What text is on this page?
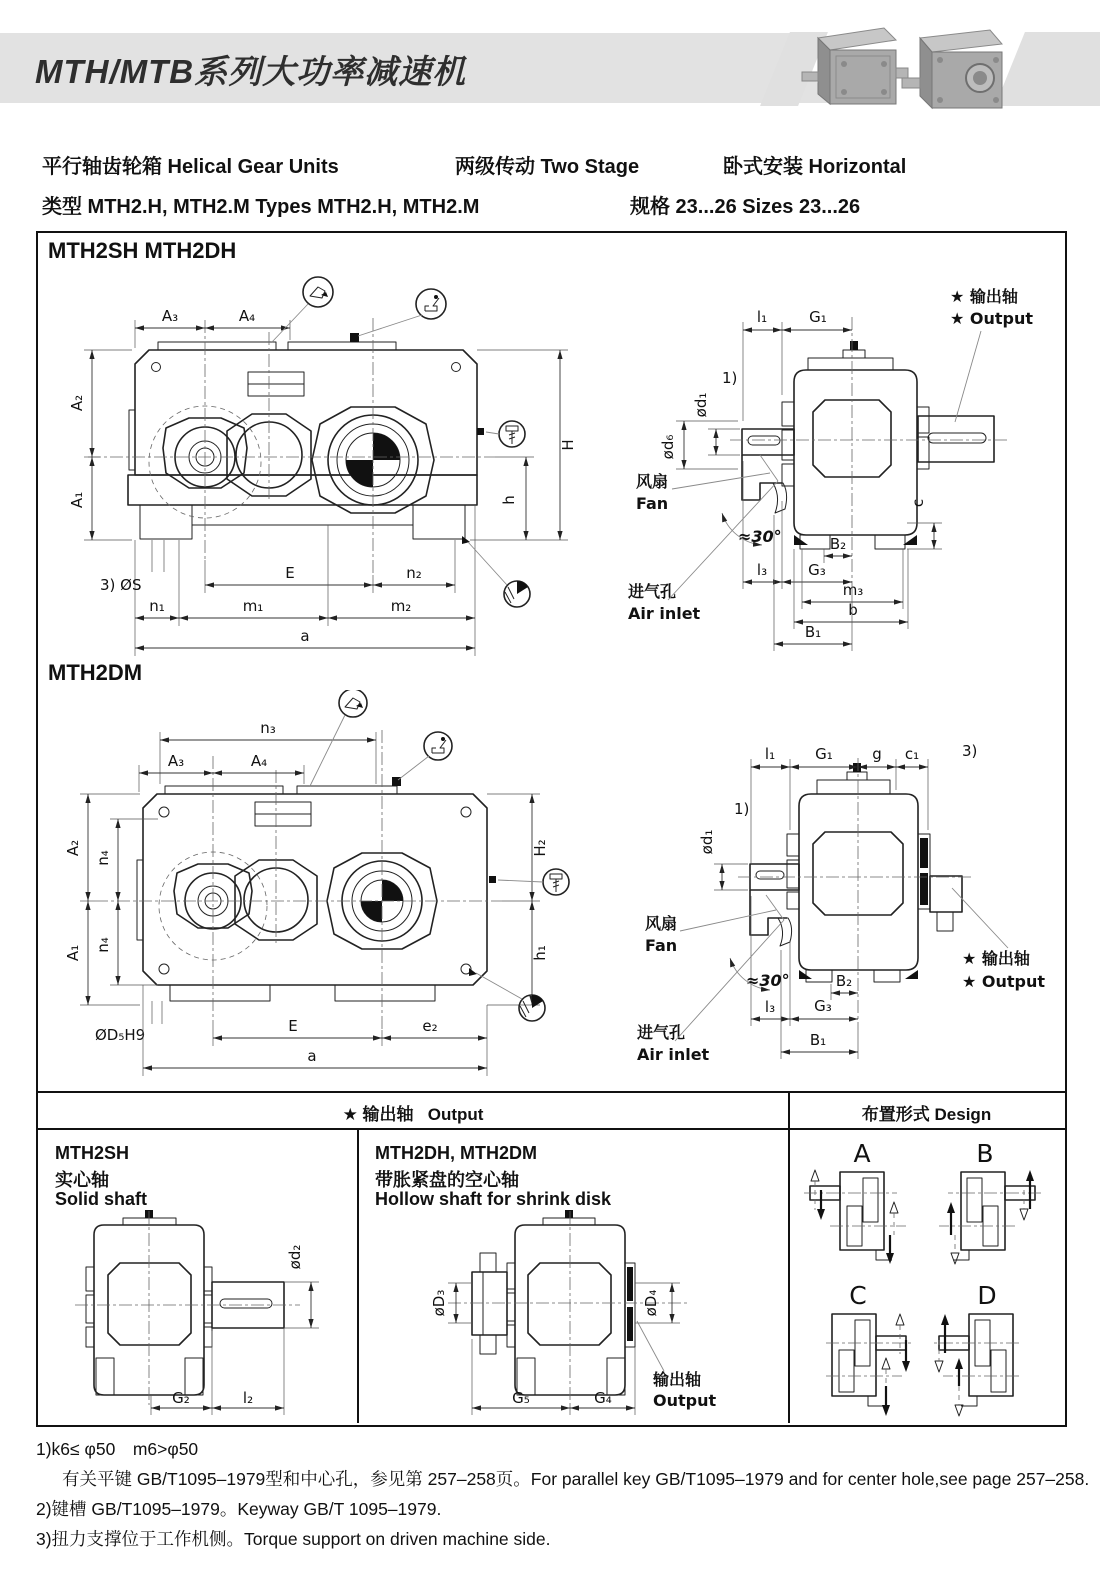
MTH/MTB系列大功率减速机
平行轴齿轮箱 Helical Gear Units	两级传动 Two Stage	卧式安装 Horizontal
类型 MTH2.H, MTH2.M Types MTH2.H, MTH2.M	规格 23...26 Sizes 23...26
MTH2SH MTH2DH
MTH2DM
★ 输出轴 Output	布置形式 Design
MTH2SH
实心轴
Solid shaft
MTH2DH, MTH2DM
带胀紧盘的空心轴
Hollow shaft for shrink disk
A₃	A₄
A₂
A₁
H
h
E	n₂
n₁	m₁	m₂
a
3) ØS
l₁	G₁
1)
ød₁
ød₆
c
B₂
l₃	G₃
m₃
b
B₁
★ 输出轴
★ Output
风扇
Fan
≈30°
进气孔
Air inlet
n₃
A₃	A₄
A₂
A₁
n₄
n₄
H₂
h₁
ØD₅H9	E	e₂
a
3)
l₁	G₁	g c₁
1)
ød₁
B₂
l₃	G₃
B₁
★ 输出轴
★ Output
风扇
Fan
≈30°
进气孔
Air inlet
ød₂
G₂	l₂
øD₃	øD₄
输出轴
Output
G₅	G₄
A	B
C	D
1)k6≤ φ50　m6>φ50
有关平键 GB/T1095–1979型和中心孔，参见第 257–258页。For parallel key GB/T1095–1979 and for center hole,see page 257–258.
2)键槽 GB/T1095–1979。Keyway GB/T 1095–1979.
3)扭力支撑位于工作机侧。Torque support on driven machine side.
